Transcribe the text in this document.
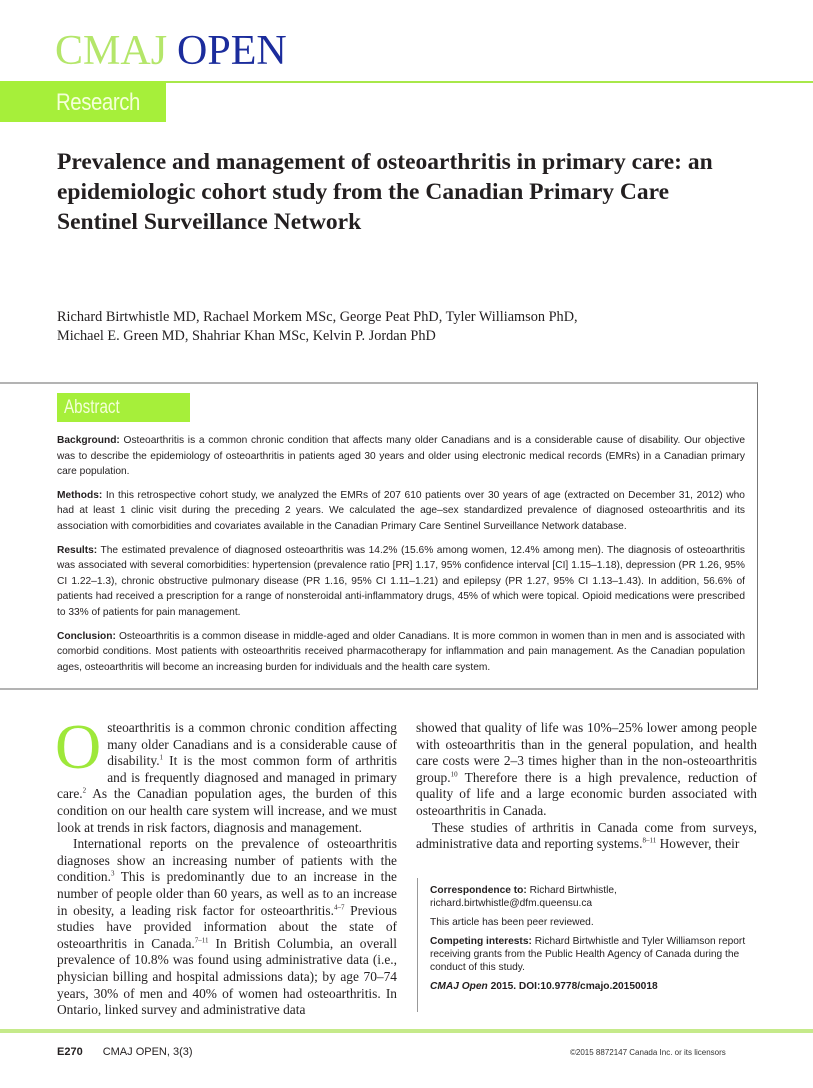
CMAJ OPEN
Research
Prevalence and management of osteoarthritis in primary care: an epidemiologic cohort study from the Canadian Primary Care Sentinel Surveillance Network
Richard Birtwhistle MD, Rachael Morkem MSc, George Peat PhD, Tyler Williamson PhD,
Michael E. Green MD, Shahriar Khan MSc, Kelvin P. Jordan PhD
Abstract

Background: Osteoarthritis is a common chronic condition that affects many older Canadians and is a considerable cause of disability. Our objective was to describe the epidemiology of osteoarthritis in patients aged 30 years and older using electronic medical records (EMRs) in a Canadian primary care population.

Methods: In this retrospective cohort study, we analyzed the EMRs of 207 610 patients over 30 years of age (extracted on December 31, 2012) who had at least 1 clinic visit during the preceding 2 years. We calculated the age–sex standardized prevalence of diagnosed osteoarthritis and its association with comorbidities and covariates available in the Canadian Primary Care Sentinel Surveillance Network database.

Results: The estimated prevalence of diagnosed osteoarthritis was 14.2% (15.6% among women, 12.4% among men). The diagnosis of osteoarthritis was associated with several comorbidities: hypertension (prevalence ratio [PR] 1.17, 95% confidence interval [CI] 1.15–1.18), depression (PR 1.26, 95% CI 1.22–1.3), chronic obstructive pulmonary disease (PR 1.16, 95% CI 1.11–1.21) and epilepsy (PR 1.27, 95% CI 1.13–1.43). In addition, 56.6% of patients had received a prescription for a range of nonsteroidal anti-inflammatory drugs, 45% of which were topical. Opioid medications were prescribed to 33% of patients for pain management.

Conclusion: Osteoarthritis is a common disease in middle-aged and older Canadians. It is more common in women than in men and is associated with comorbid conditions. Most patients with osteoarthritis received pharmacotherapy for inflammation and pain management. As the Canadian population ages, osteoarthritis will become an increasing burden for individuals and the health care system.

Osteoarthritis is a common chronic condition affecting many older Canadians and is a considerable cause of disability.$^1$ It is the most common form of arthritis and is frequently diagnosed and managed in primary care.$^2$ As the Canadian population ages, the burden of this condition on our health care system will increase, and we must look at trends in risk factors, diagnosis and management.

International reports on the prevalence of osteoarthritis diagnoses show an increasing number of patients with the condition.$^3$ This is predominantly due to an increase in the number of people older than 60 years, as well as to an increase in obesity, a leading risk factor for osteoarthritis.$^{4-7}$ Previous studies have provided information about the state of osteoarthritis in Canada.$^{7-11}$ In British Columbia, an overall prevalence of 10.8% was found using administrative data (i.e., physician billing and hospital admissions data); by age 70–74 years, 30% of men and 40% of women had osteoarthritis. In Ontario, linked survey and administrative data

showed that quality of life was 10%–25% lower among people with osteoarthritis than in the general population, and health care costs were 2–3 times higher than in the non-osteoarthritis group.$^{10}$ Therefore there is a high prevalence, reduction of quality of life and a large economic burden associated with osteoarthritis in Canada.

These studies of arthritis in Canada come from surveys, administrative data and reporting systems.$^{8-11}$ However, their

Correspondence to: Richard Birtwhistle, richard.birtwhistle@dfm.queensu.ca

This article has been peer reviewed.

Competing interests: Richard Birtwhistle and Tyler Williamson report receiving grants from the Public Health Agency of Canada during the conduct of this study.

CMAJ Open 2015. DOI:10.9778/cmajo.20150018

E270 CMAJ OPEN, 3(3)	©2015 8872147 Canada Inc. or its licensors
